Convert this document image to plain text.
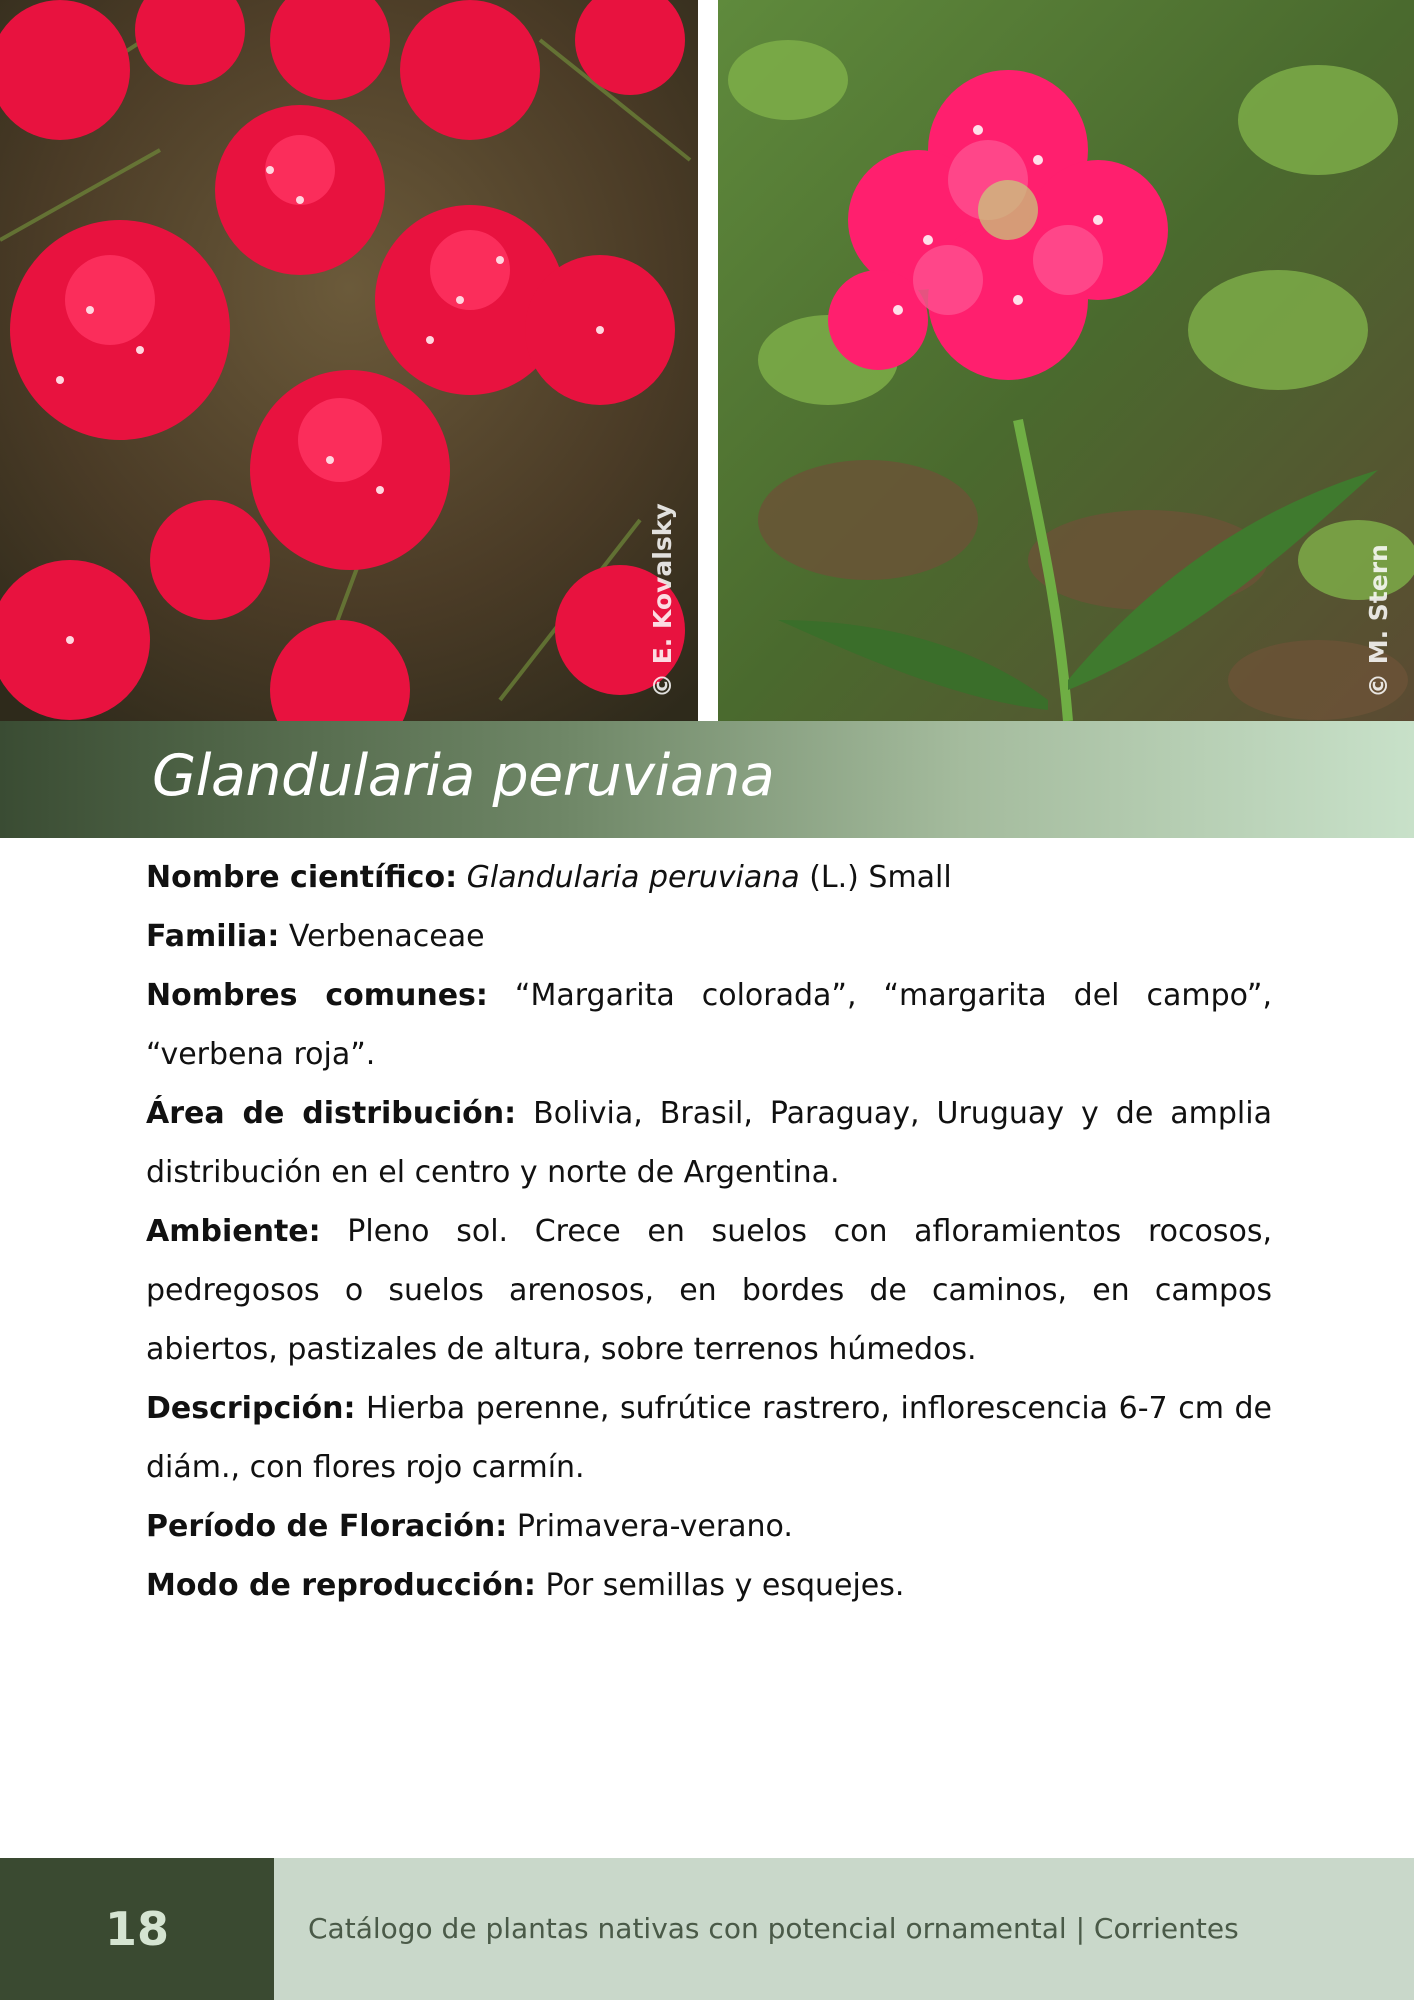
© E. Kovalsky	© M. Stern
Glandularia peruviana

Nombre científico: Glandularia peruviana (L.) Small

Familia: Verbenaceae

Nombres comunes: “Margarita colorada”, “margarita del campo”, “verbena roja”.

Área de distribución: Bolivia, Brasil, Paraguay, Uruguay y de amplia distribución en el centro y norte de Argentina.

Ambiente: Pleno sol. Crece en suelos con afloramientos rocosos, pedregosos o suelos arenosos, en bordes de caminos, en campos abiertos, pastizales de altura, sobre terrenos húmedos.

Descripción: Hierba perenne, sufrútice rastrero, inflorescencia 6-7 cm de diám., con flores rojo carmín.

Período de Floración: Primavera-verano.

Modo de reproducción: Por semillas y esquejes.

18	Catálogo de plantas nativas con potencial ornamental | Corrientes
